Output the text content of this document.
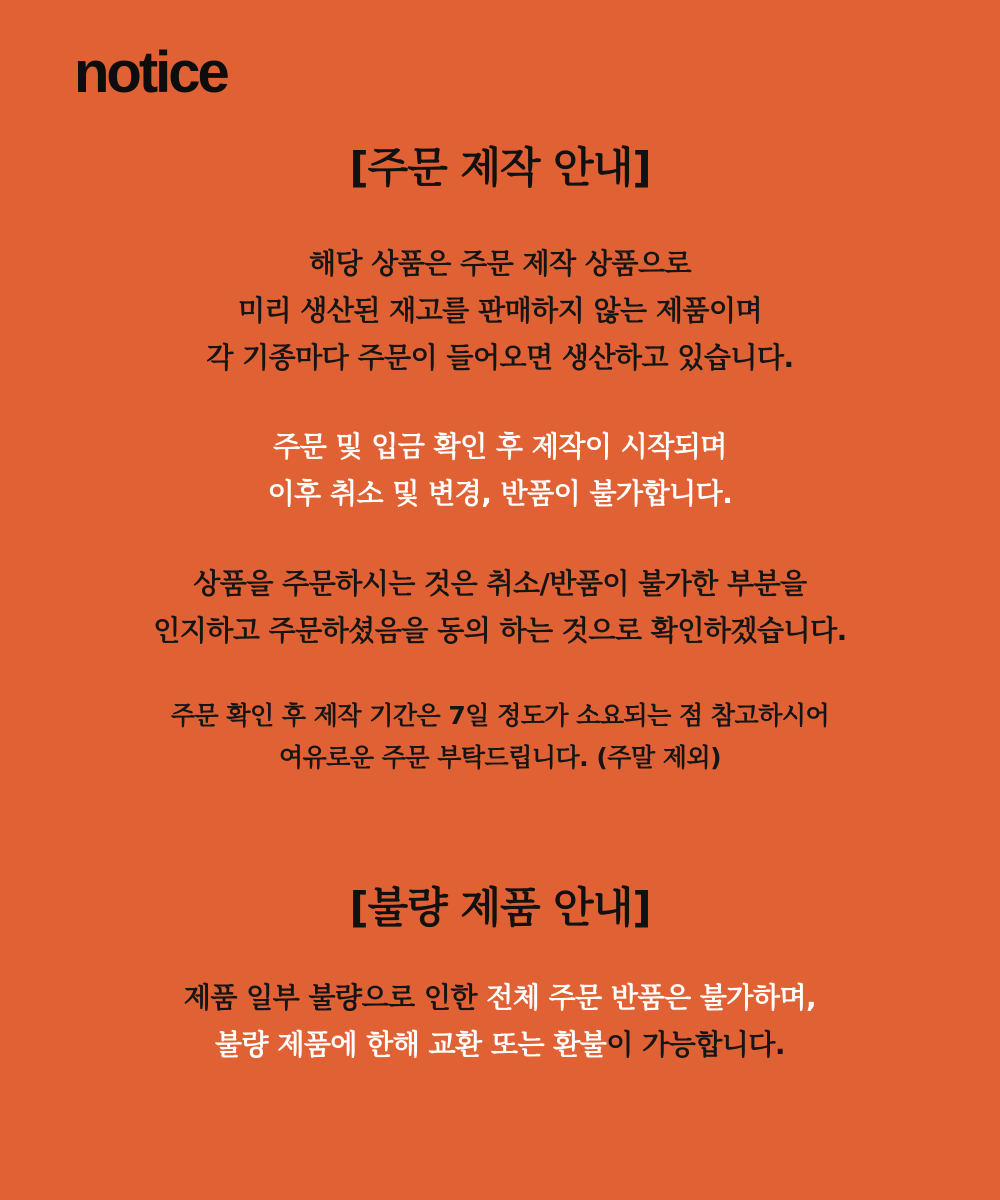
notice
[주문 제작 안내]
해당 상품은 주문 제작 상품으로
미리 생산된 재고를 판매하지 않는 제품이며
각 기종마다 주문이 들어오면 생산하고 있습니다.
주문 및 입금 확인 후 제작이 시작되며
이후 취소 및 변경, 반품이 불가합니다.
상품을 주문하시는 것은 취소/반품이 불가한 부분을
인지하고 주문하셨음을 동의 하는 것으로 확인하겠습니다.
주문 확인 후 제작 기간은 7일 정도가 소요되는 점 참고하시어
여유로운 주문 부탁드립니다. (주말 제외)
[불량 제품 안내]
제품 일부 불량으로 인한 전체 주문 반품은 불가하며,
불량 제품에 한해 교환 또는 환불이 가능합니다.
